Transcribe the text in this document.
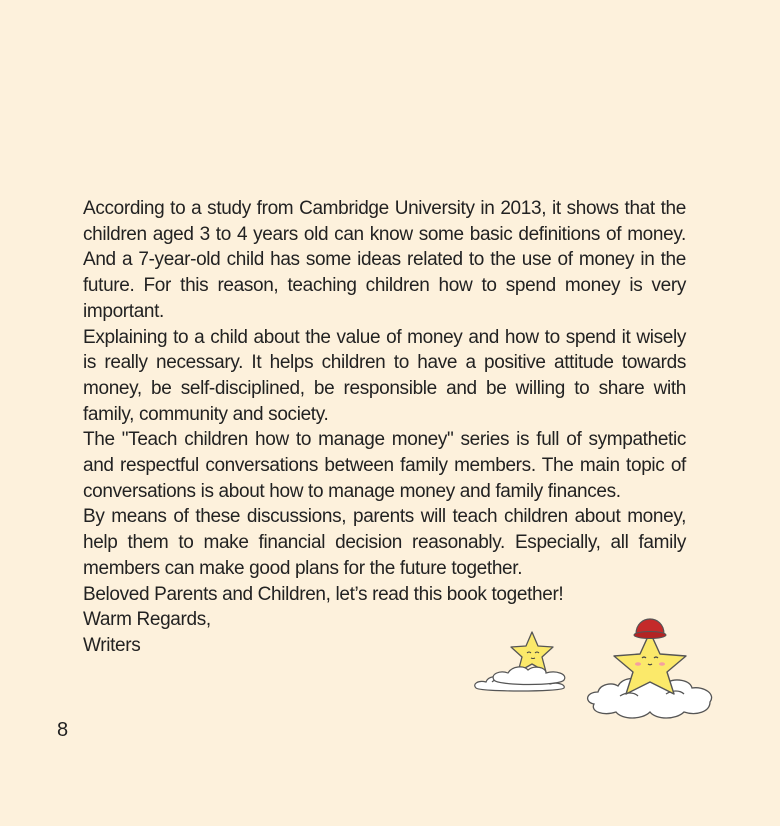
According to a study from Cambridge University in 2013, it shows that the children aged 3 to 4 years old can know some basic definitions of money. And a 7-year-old child has some ideas related to the use of money in the future. For this reason, teaching children how to spend money is very important.

Explaining to a child about the value of money and how to spend it wisely is really necessary. It helps children to have a positive attitude towards money, be self-disciplined, be responsible and be willing to share with family, community and society.

The "Teach children how to manage money" series is full of sympathetic and respectful conversations between family members. The main topic of conversations is about how to manage money and family finances.

By means of these discussions, parents will teach children about money, help them to make financial decision reasonably. Especially, all family members can make good plans for the future together.

Beloved Parents and Children, let’s read this book together!

Warm Regards,

Writers

8
